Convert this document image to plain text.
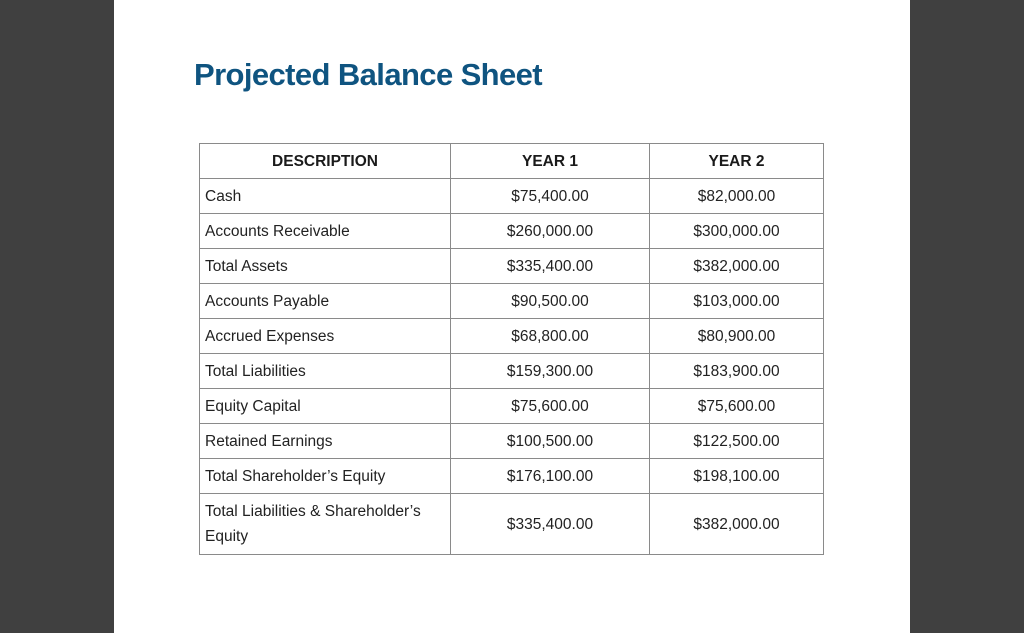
Projected Balance Sheet
DESCRIPTION	YEAR 1	YEAR 2
Cash	$75,400.00	$82,000.00
Accounts Receivable	$260,000.00	$300,000.00
Total Assets	$335,400.00	$382,000.00
Accounts Payable	$90,500.00	$103,000.00
Accrued Expenses	$68,800.00	$80,900.00
Total Liabilities	$159,300.00	$183,900.00
Equity Capital	$75,600.00	$75,600.00
Retained Earnings	$100,500.00	$122,500.00
Total Shareholder’s Equity	$176,100.00	$198,100.00
Total Liabilities & Shareholder’s Equity	$335,400.00	$382,000.00
